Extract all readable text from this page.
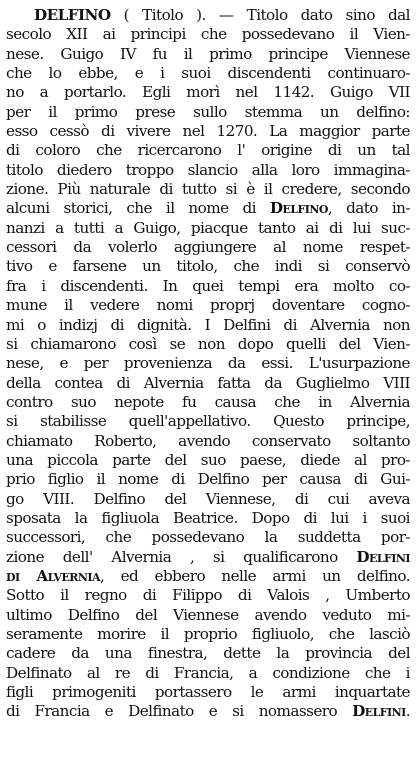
DELFINO ( Titolo ). — Titolo dato sino dal
secolo XII ai principi che possedevano il Vien-
nese. Guigo IV fu il primo principe Viennese
che lo ebbe, e i suoi discendenti continuaro-
no a portarlo. Egli morì nel 1142. Guigo VII
per il primo prese sullo stemma un delfino:
esso cessò di vivere nel 1270. La maggior parte
di coloro che ricercarono l' origine di un tal
titolo diedero troppo slancio alla loro immagina-
zione. Più naturale di tutto si è il credere, secondo
alcuni storici, che il nome di Delfino, dato in-
nanzi a tutti a Guigo, piacque tanto ai di lui suc-
cessori da volerlo aggiungere al nome respet-
tivo e farsene un titolo, che indi si conservò
fra i discendenti. In quei tempi era molto co-
mune il vedere nomi proprj doventare cogno-
mi o indizj di dignità. I Delfini di Alvernia non
si chiamarono così se non dopo quelli del Vien-
nese, e per provenienza da essi. L'usurpazione
della contea di Alvernia fatta da Guglielmo VIII
contro suo nepote fu causa che in Alvernia
si stabilisse quell'appellativo. Questo principe,
chiamato Roberto, avendo conservato soltanto
una piccola parte del suo paese, diede al pro-
prio figlio il nome di Delfino per causa di Gui-
go VIII. Delfino del Viennese, di cui aveva
sposata la figliuola Beatrice. Dopo di lui i suoi
successori, che possedevano la suddetta por-
zione dell' Alvernia , si qualificarono Delfini
di Alvernia, ed ebbero nelle armi un delfino.
Sotto il regno di Filippo di Valois , Umberto
ultimo Delfino del Viennese avendo veduto mi-
seramente morire il proprio figliuolo, che lasciò
cadere da una finestra, dette la provincia del
Delfinato al re di Francia, a condizione che i
figli primogeniti portassero le armi inquartate
di Francia e Delfinato e si nomassero Delfini.
